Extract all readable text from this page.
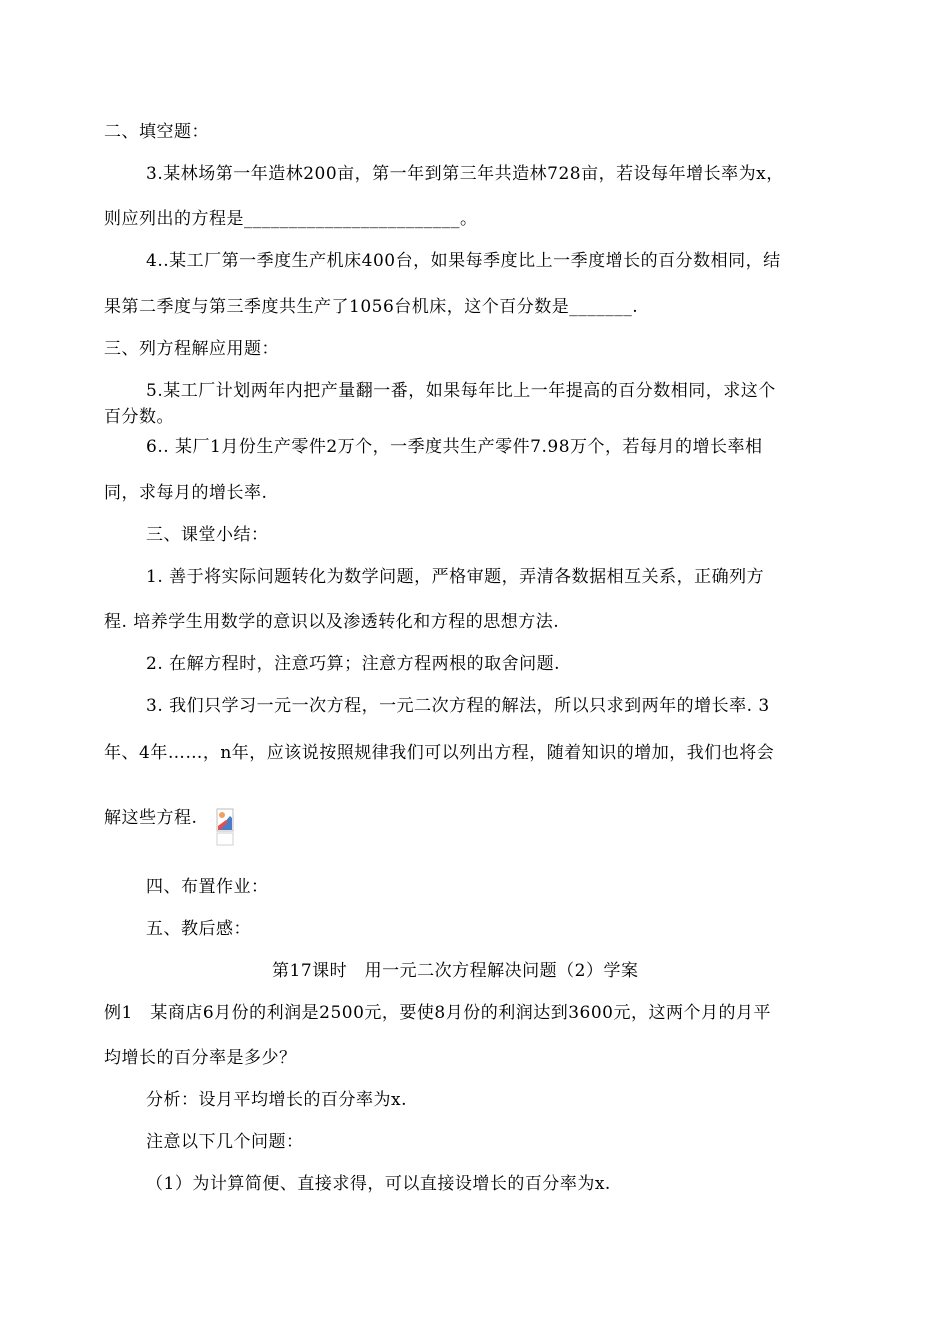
二、填空题：
3.某林场第一年造林200亩，第一年到第三年共造林728亩，若设每年增长率为x，
则应列出的方程是________________________。
4..某工厂第一季度生产机床400台，如果每季度比上一季度增长的百分数相同，结
果第二季度与第三季度共生产了1056台机床，这个百分数是_______.
三、列方程解应用题：
5.某工厂计划两年内把产量翻一番，如果每年比上一年提高的百分数相同，求这个
百分数。
6.. 某厂1月份生产零件2万个，一季度共生产零件7.98万个，若每月的增长率相
同，求每月的增长率.
三、课堂小结：
1. 善于将实际问题转化为数学问题，严格审题，弄清各数据相互关系，正确列方
程. 培养学生用数学的意识以及渗透转化和方程的思想方法.
2. 在解方程时，注意巧算；注意方程两根的取舍问题.
3. 我们只学习一元一次方程，一元二次方程的解法，所以只求到两年的增长率. 3
年、4年……，n年，应该说按照规律我们可以列出方程，随着知识的增加，我们也将会
解这些方程.
四、布置作业：
五、教后感：
第17课时　用一元二次方程解决问题（2）学案
例1　某商店6月份的利润是2500元，要使8月份的利润达到3600元，这两个月的月平
均增长的百分率是多少？
分析：设月平均增长的百分率为x.
注意以下几个问题：
（1）为计算简便、直接求得，可以直接设增长的百分率为x.
